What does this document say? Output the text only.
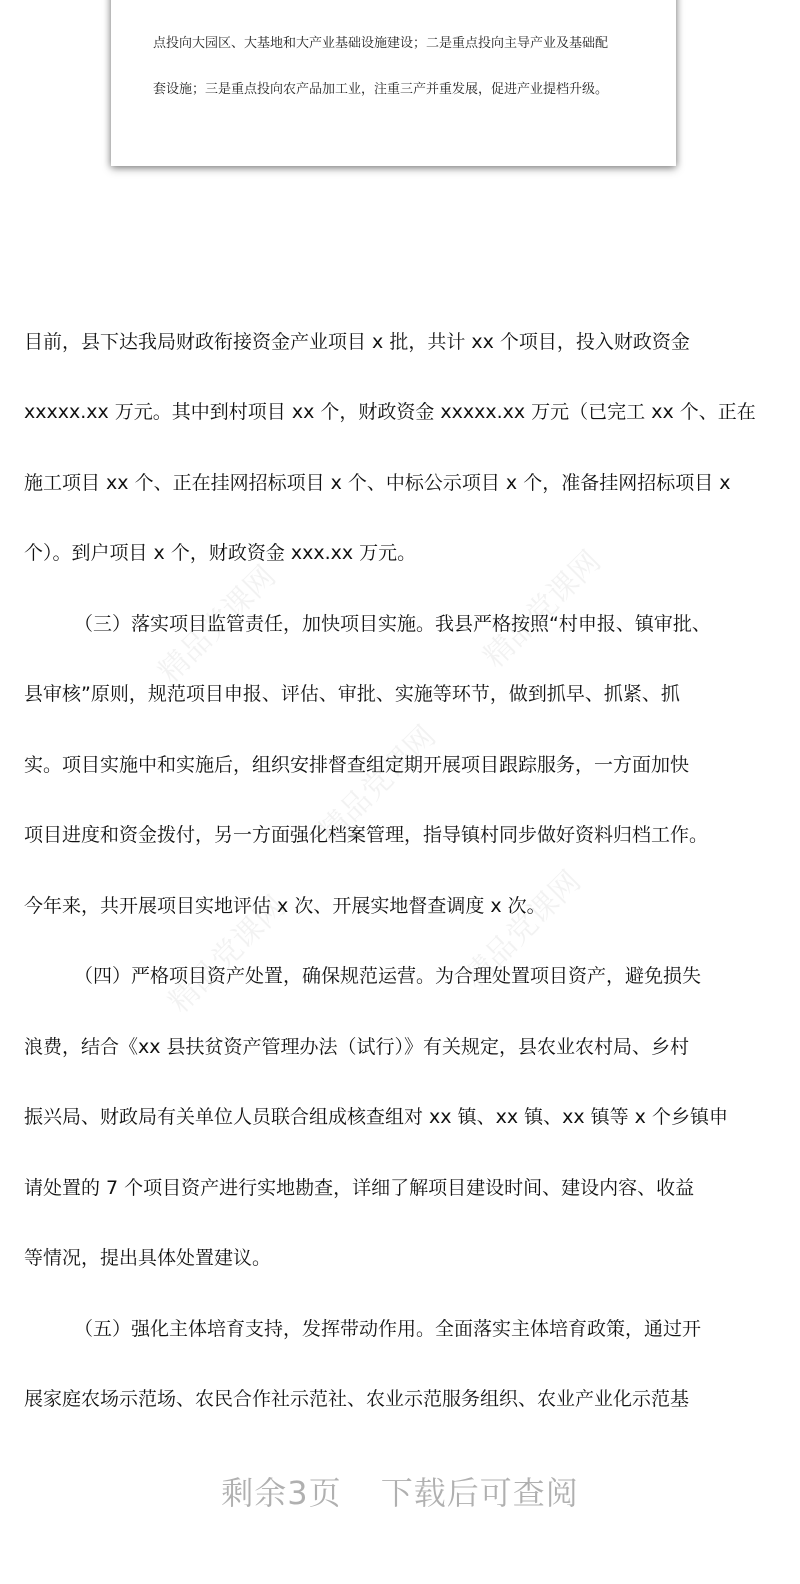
点投向大园区、大基地和大产业基础设施建设；二是重点投向主导产业及基础配
套设施；三是重点投向农产品加工业，注重三产并重发展，促进产业提档升级。
精品党课网	精品党课网
精品党课网
精品党课网	精品党课网
目前，县下达我局财政衔接资金产业项目 x 批，共计 xx 个项目，投入财政资金
xxxxx.xx 万元。其中到村项目 xx 个，财政资金 xxxxx.xx 万元（已完工 xx 个、正在
施工项目 xx 个、正在挂网招标项目 x 个、中标公示项目 x 个，准备挂网招标项目 x
个）。到户项目 x 个，财政资金 xxx.xx 万元。
（三）落实项目监管责任，加快项目实施。我县严格按照“村申报、镇审批、
县审核”原则，规范项目申报、评估、审批、实施等环节，做到抓早、抓紧、抓
实。项目实施中和实施后，组织安排督查组定期开展项目跟踪服务，一方面加快
项目进度和资金拨付，另一方面强化档案管理，指导镇村同步做好资料归档工作。
今年来，共开展项目实地评估 x 次、开展实地督查调度 x 次。
（四）严格项目资产处置，确保规范运营。为合理处置项目资产，避免损失
浪费，结合《xx 县扶贫资产管理办法（试行）》有关规定，县农业农村局、乡村
振兴局、财政局有关单位人员联合组成核查组对 xx 镇、xx 镇、xx 镇等 x 个乡镇申
请处置的 7 个项目资产进行实地勘查，详细了解项目建设时间、建设内容、收益
等情况，提出具体处置建议。
（五）强化主体培育支持，发挥带动作用。全面落实主体培育政策，通过开
展家庭农场示范场、农民合作社示范社、农业示范服务组织、农业产业化示范基
剩余3页 下载后可查阅
